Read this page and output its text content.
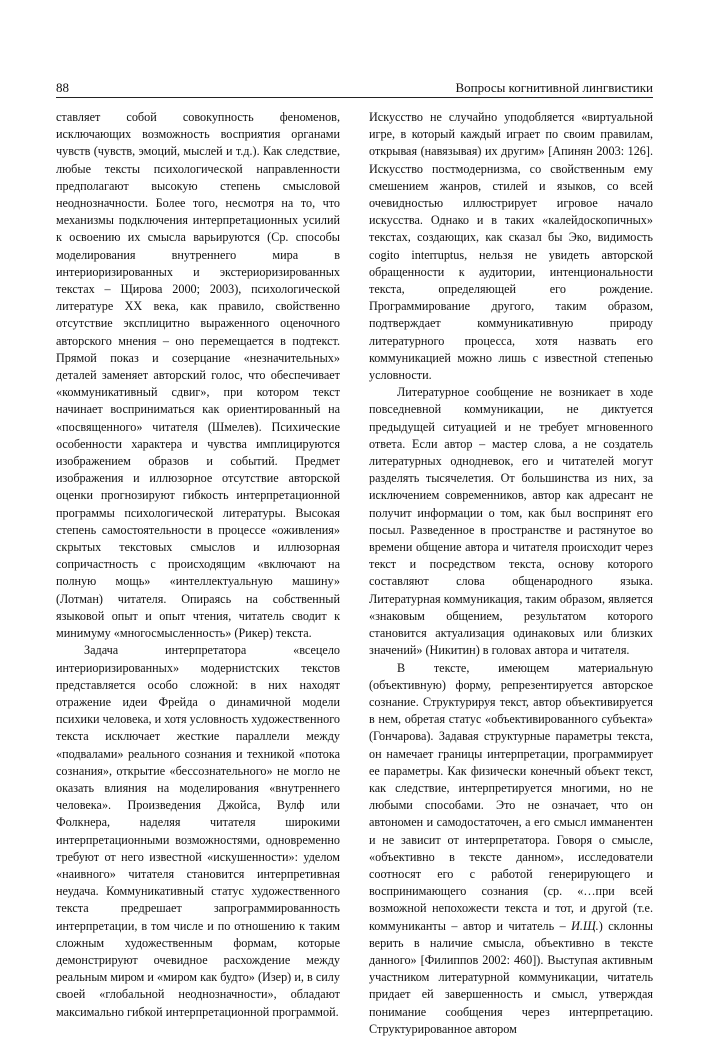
88	Вопросы когнитивной лингвистики

ставляет собой совокупность феноменов, исключающих возможность восприятия органами чувств (чувств, эмоций, мыслей и т.д.). Как следствие, любые тексты психологической направленности предполагают высокую степень смысловой неоднозначности. Более того, несмотря на то, что механизмы подключения интерпретационных усилий к освоению их смысла варьируются (Ср. способы моделирования внутреннего мира в интериоризированных и экстериоризированных текстах – Щирова 2000; 2003), психологической литературе XX века, как правило, свойственно отсутствие эксплицитно выраженного оценочного авторского мнения – оно перемещается в подтекст. Прямой показ и созерцание «незначительных» деталей заменяет авторский голос, что обеспечивает «коммуникативный сдвиг», при котором текст начинает восприниматься как ориентированный на «посвященного» читателя (Шмелев). Психические особенности характера и чувства имплицируются изображением образов и событий. Предмет изображения и иллюзорное отсутствие авторской оценки прогнозируют гибкость интерпретационной программы психологической литературы. Высокая степень самостоятельности в процессе «оживления» скрытых текстовых смыслов и иллюзорная сопричастность с происходящим «включают на полную мощь» «интеллектуальную машину» (Лотман) читателя. Опираясь на собственный языковой опыт и опыт чтения, читатель сводит к минимуму «многосмысленность» (Рикер) текста.

Задача интерпретатора «всецело интериоризированных» модернистских текстов представляется особо сложной: в них находят отражение идеи Фрейда о динамичной модели психики человека, и хотя условность художественного текста исключает жесткие параллели между «подвалами» реального сознания и техникой «потока сознания», открытие «бессознательного» не могло не оказать влияния на моделирования «внутреннего человека». Произведения Джойса, Вулф или Фолкнера, наделяя читателя широкими интерпретационными возможностями, одновременно требуют от него известной «искушенности»: уделом «наивного» читателя становится интерпретивная неудача. Коммуникативный статус художественного текста предрешает запрограммированность интерпретации, в том числе и по отношению к таким сложным художественным формам, которые демонстрируют очевидное расхождение между реальным миром и «миром как будто» (Изер) и, в силу своей «глобальной неоднозначности», обладают максимально гибкой интерпретационной программой.

Искусство не случайно уподобляется «виртуальной игре, в который каждый играет по своим правилам, открывая (навязывая) их другим» [Апинян 2003: 126]. Искусство постмодернизма, со свойственным ему смешением жанров, стилей и языков, со всей очевидностью иллюстрирует игровое начало искусства. Однако и в таких «калейдоскопичных» текстах, создающих, как сказал бы Эко, видимость cogito interruptus, нельзя не увидеть авторской обращенности к аудитории, интенциональности текста, определяющей его рождение. Программирование другого, таким образом, подтверждает коммуникативную природу литературного процесса, хотя назвать его коммуникацией можно лишь с известной степенью условности.

Литературное сообщение не возникает в ходе повседневной коммуникации, не диктуется предыдущей ситуацией и не требует мгновенного ответа. Если автор – мастер слова, а не создатель литературных однодневок, его и читателей могут разделять тысячелетия. От большинства из них, за исключением современников, автор как адресант не получит информации о том, как был воспринят его посыл. Разведенное в пространстве и растянутое во времени общение автора и читателя происходит через текст и посредством текста, основу которого составляют слова общенародного языка. Литературная коммуникация, таким образом, является «знаковым общением, результатом которого становится актуализация одинаковых или близких значений» (Никитин) в головах автора и читателя.

В тексте, имеющем материальную (объективную) форму, репрезентируется авторское сознание. Структурируя текст, автор объективируется в нем, обретая статус «объективированного субъекта» (Гончарова). Задавая структурные параметры текста, он намечает границы интерпретации, программирует ее параметры. Как физически конечный объект текст, как следствие, интерпретируется многими, но не любыми способами. Это не означает, что он автономен и самодостаточен, а его смысл имманентен и не зависит от интерпретатора. Говоря о смысле, «объективно в тексте данном», исследователи соотносят его с работой генерирующего и воспринимающего сознания (ср. «…при всей возможной непохожести текста и тот, и другой (т.е. коммуниканты – автор и читатель – И.Щ.) склонны верить в наличие смысла, объективно в тексте данного» [Филиппов 2002: 460]). Выступая активным участником литературной коммуникации, читатель придает ей завершенность и смысл, утверждая понимание сообщения через интерпретацию. Структурированное автором
